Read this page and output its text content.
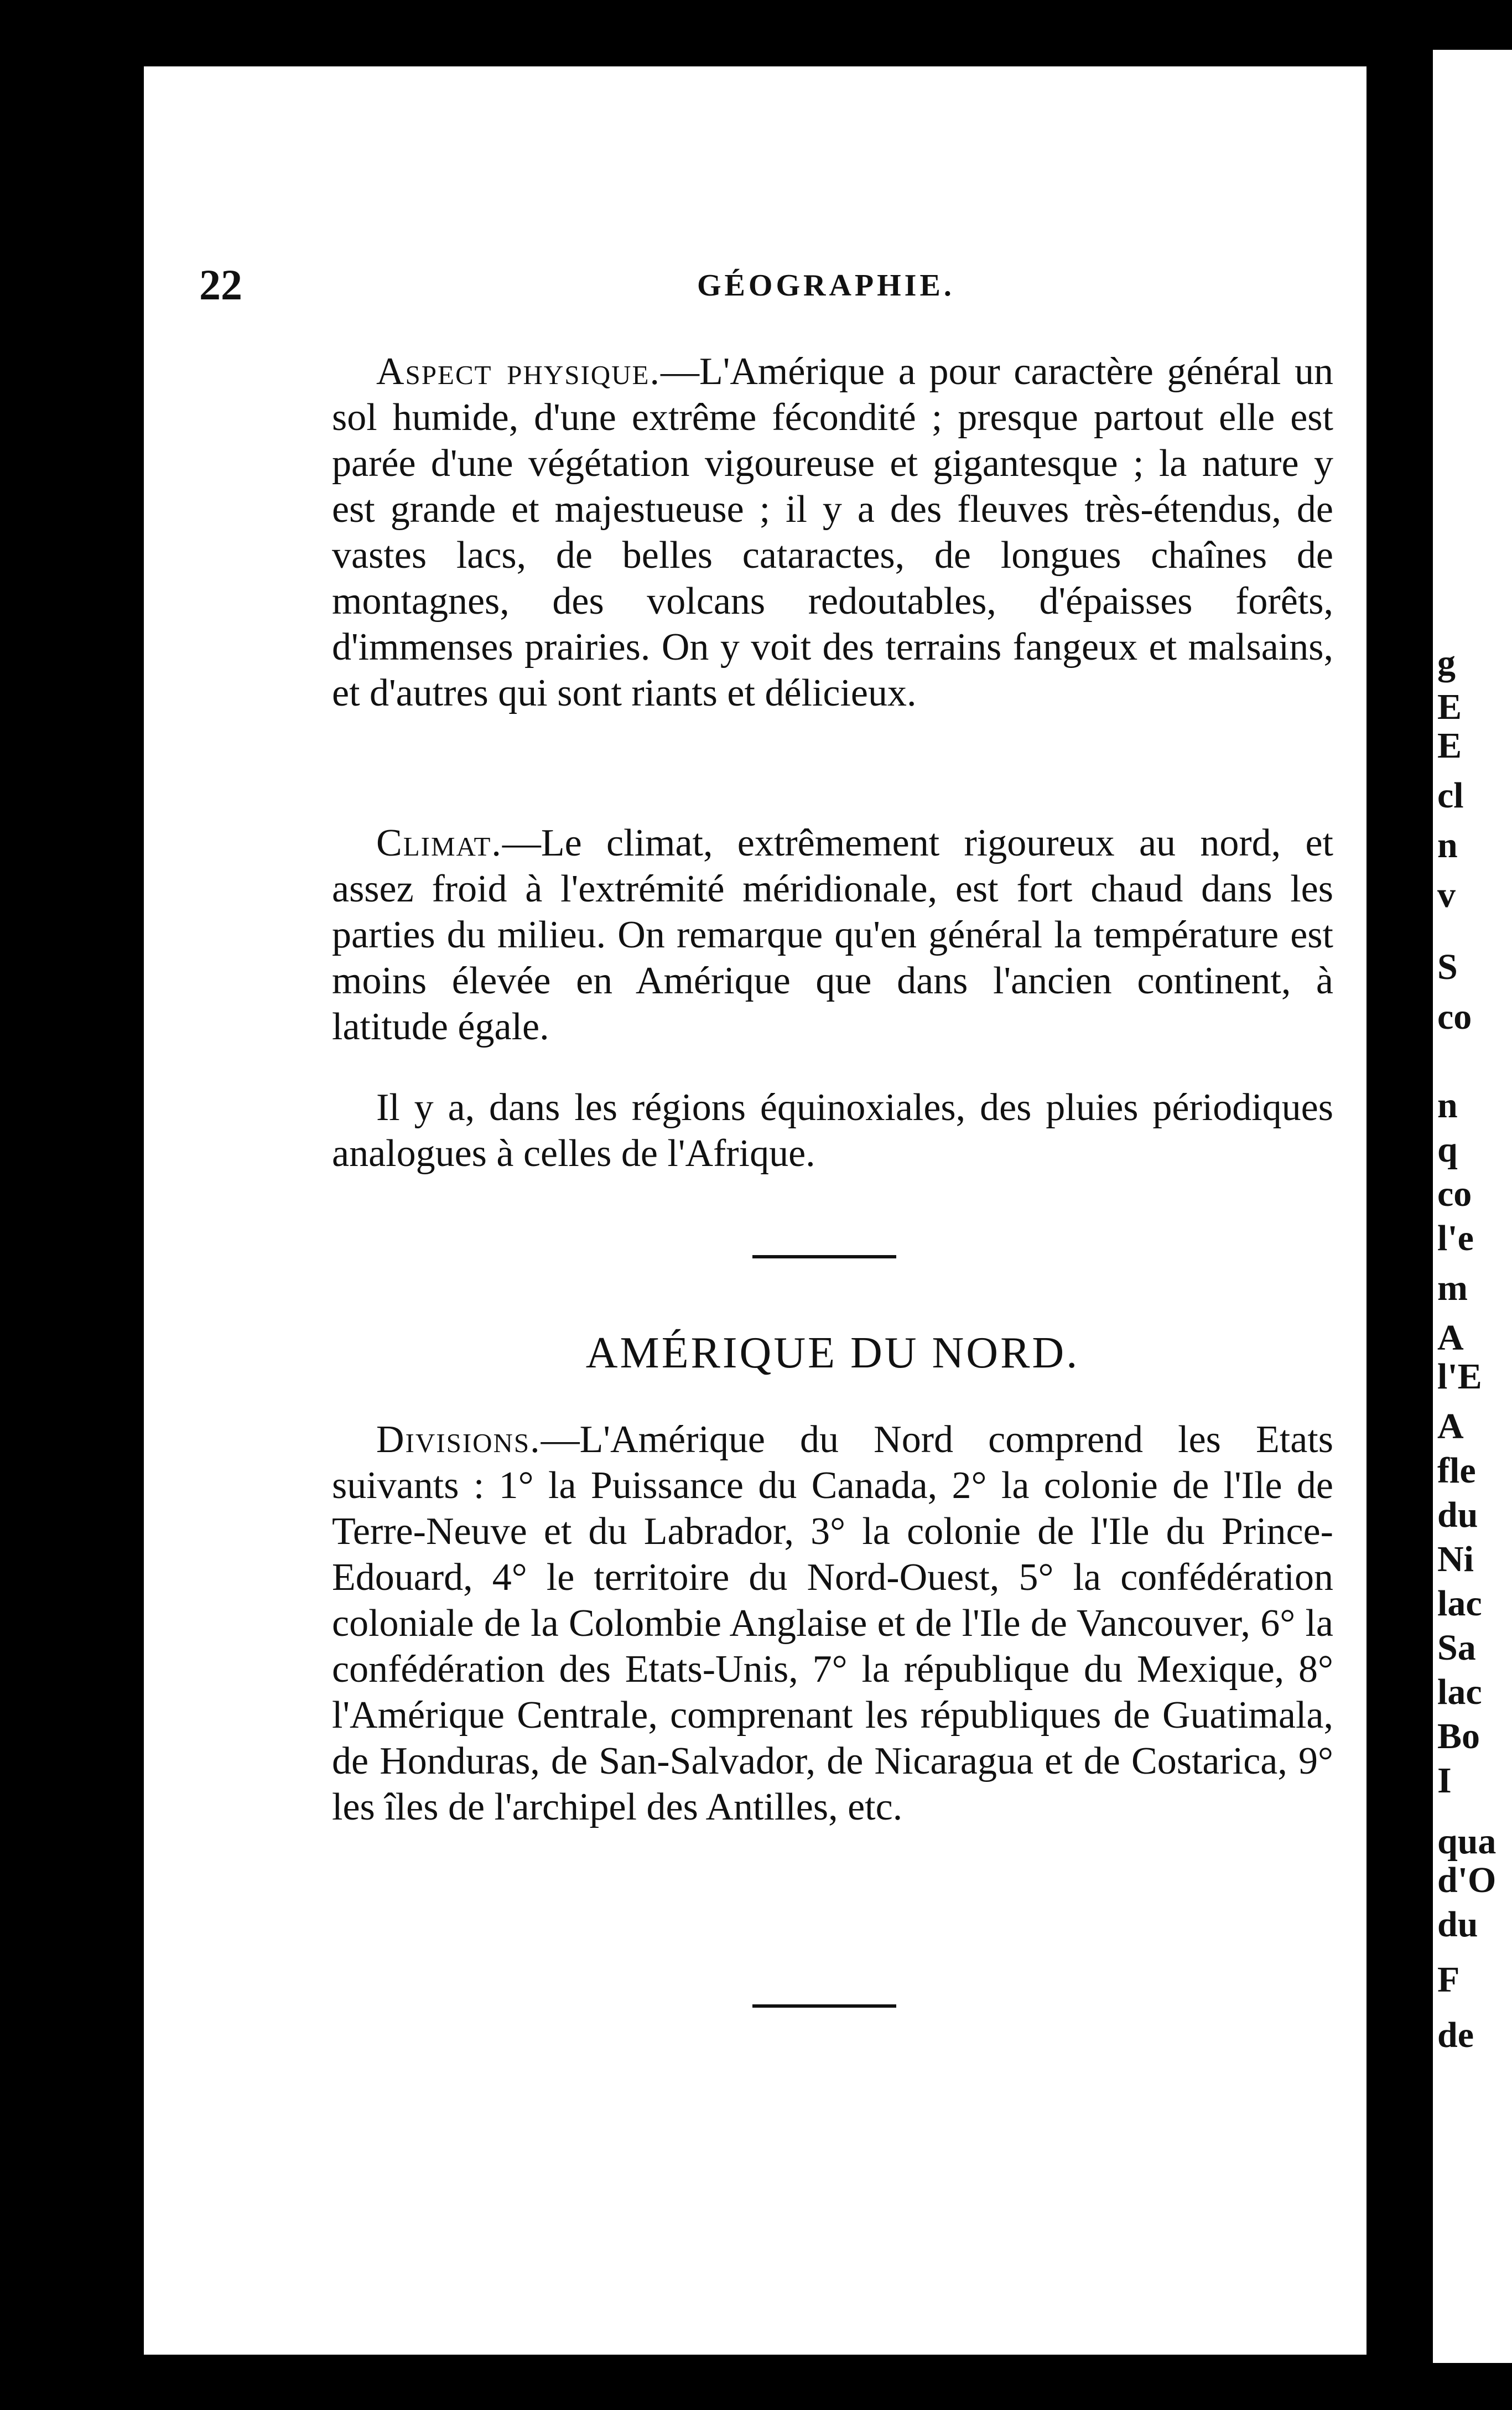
22	GÉOGRAPHIE.

Aspect physique.—L'Amérique a pour caractère général un sol humide, d'une extrême fécondité ; presque partout elle est parée d'une végétation vigoureuse et gigantesque ; la nature y est grande et majestueuse ; il y a des fleuves très-étendus, de vastes lacs, de belles cataractes, de longues chaînes de montagnes, des volcans redoutables, d'épaisses forêts, d'immenses prairies. On y voit des terrains fangeux et malsains, et d'autres qui sont riants et délicieux.

Climat.—Le climat, extrêmement rigoureux au nord, et assez froid à l'extrémité méridionale, est fort chaud dans les parties du milieu. On remarque qu'en général la température est moins élevée en Amérique que dans l'ancien continent, à latitude égale.

Il y a, dans les régions équinoxiales, des pluies périodiques analogues à celles de l'Afrique.

AMÉRIQUE DU NORD.

Divisions.—L'Amérique du Nord comprend les Etats suivants : 1° la Puissance du Canada, 2° la colonie de l'Ile de Terre-Neuve et du Labrador, 3° la colonie de l'Ile du Prince-Edouard, 4° le territoire du Nord-Ouest, 5° la confédération coloniale de la Colombie Anglaise et de l'Ile de Vancouver, 6° la confédération des Etats-Unis, 7° la république du Mexique, 8° l'Amérique Centrale, comprenant les républiques de Guatimala, de Honduras, de San-Salvador, de Nicaragua et de Costarica, 9° les îles de l'archipel des Antilles, etc.

g
E
E
cl
n
v
S
co
n
q
co
l'e
m
A
l'E
A
fle
du
Ni
lac
Sa
lac
Bo
I
qua
d'O
du
F
de
